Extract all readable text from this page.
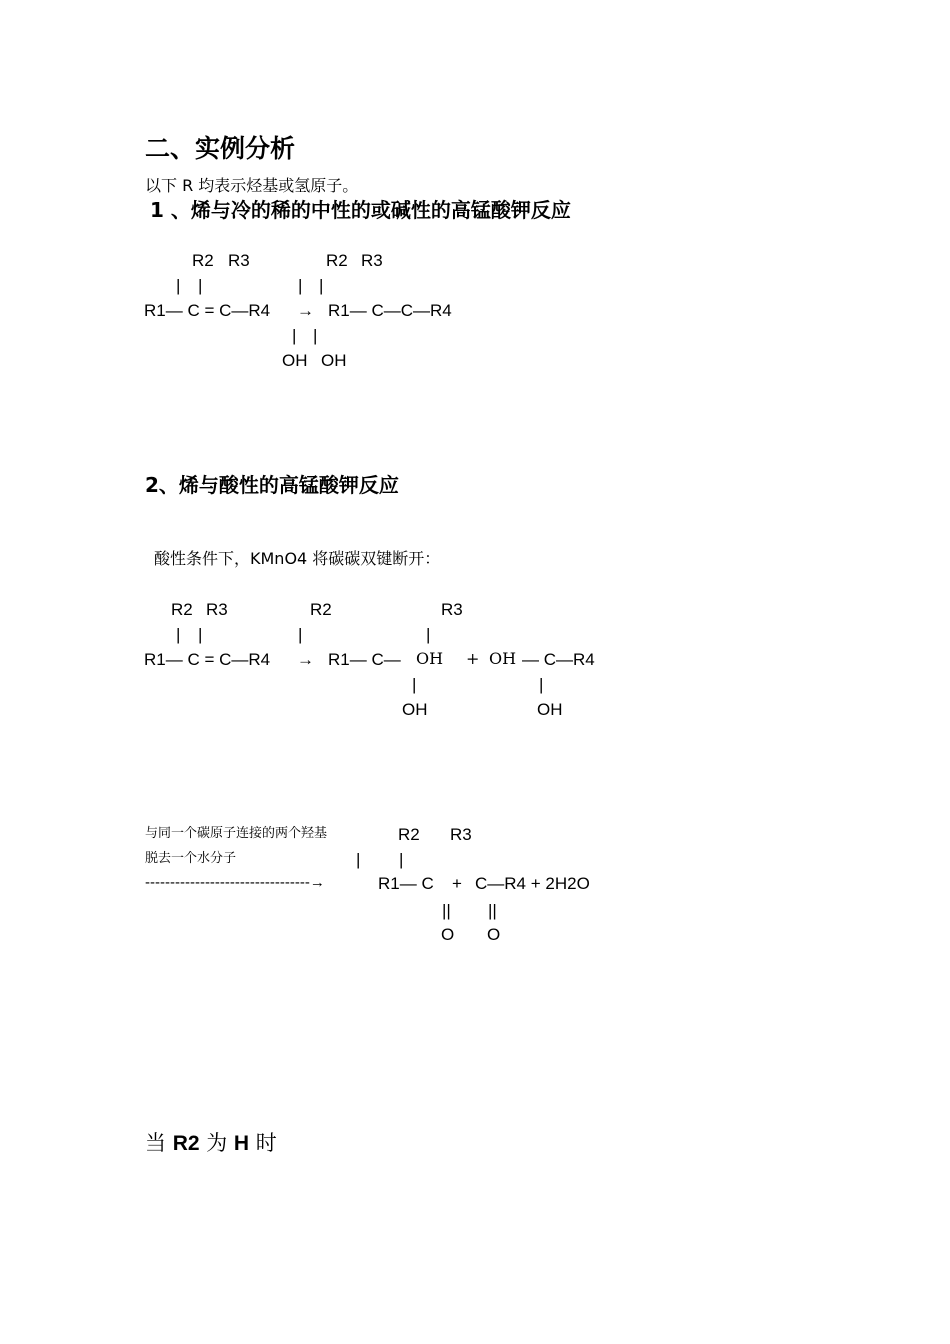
二、实例分析
以下 R 均表示烃基或氢原子。
1 、烯与冷的稀的中性的或碱性的高锰酸钾反应
R2 R3	R2 R3
| |	| |
R1— C = C—R4 → R1— C—C—R4
| |
OH OH
2、烯与酸性的高锰酸钾反应
酸性条件下，KMnO4 将碳碳双键断开：
R2 R3	R2	R3
| |	|	|
R1— C = C—R4 → R1— C— OH + OH — C—R4
|	|
OH	OH
与同一个碳原子连接的两个羟基
脱去一个水分子
R2 R3
| |
---------------------------------→	R1— C + C—R4 + 2H2O
|| ||
O O
当 R2 为 H 时
